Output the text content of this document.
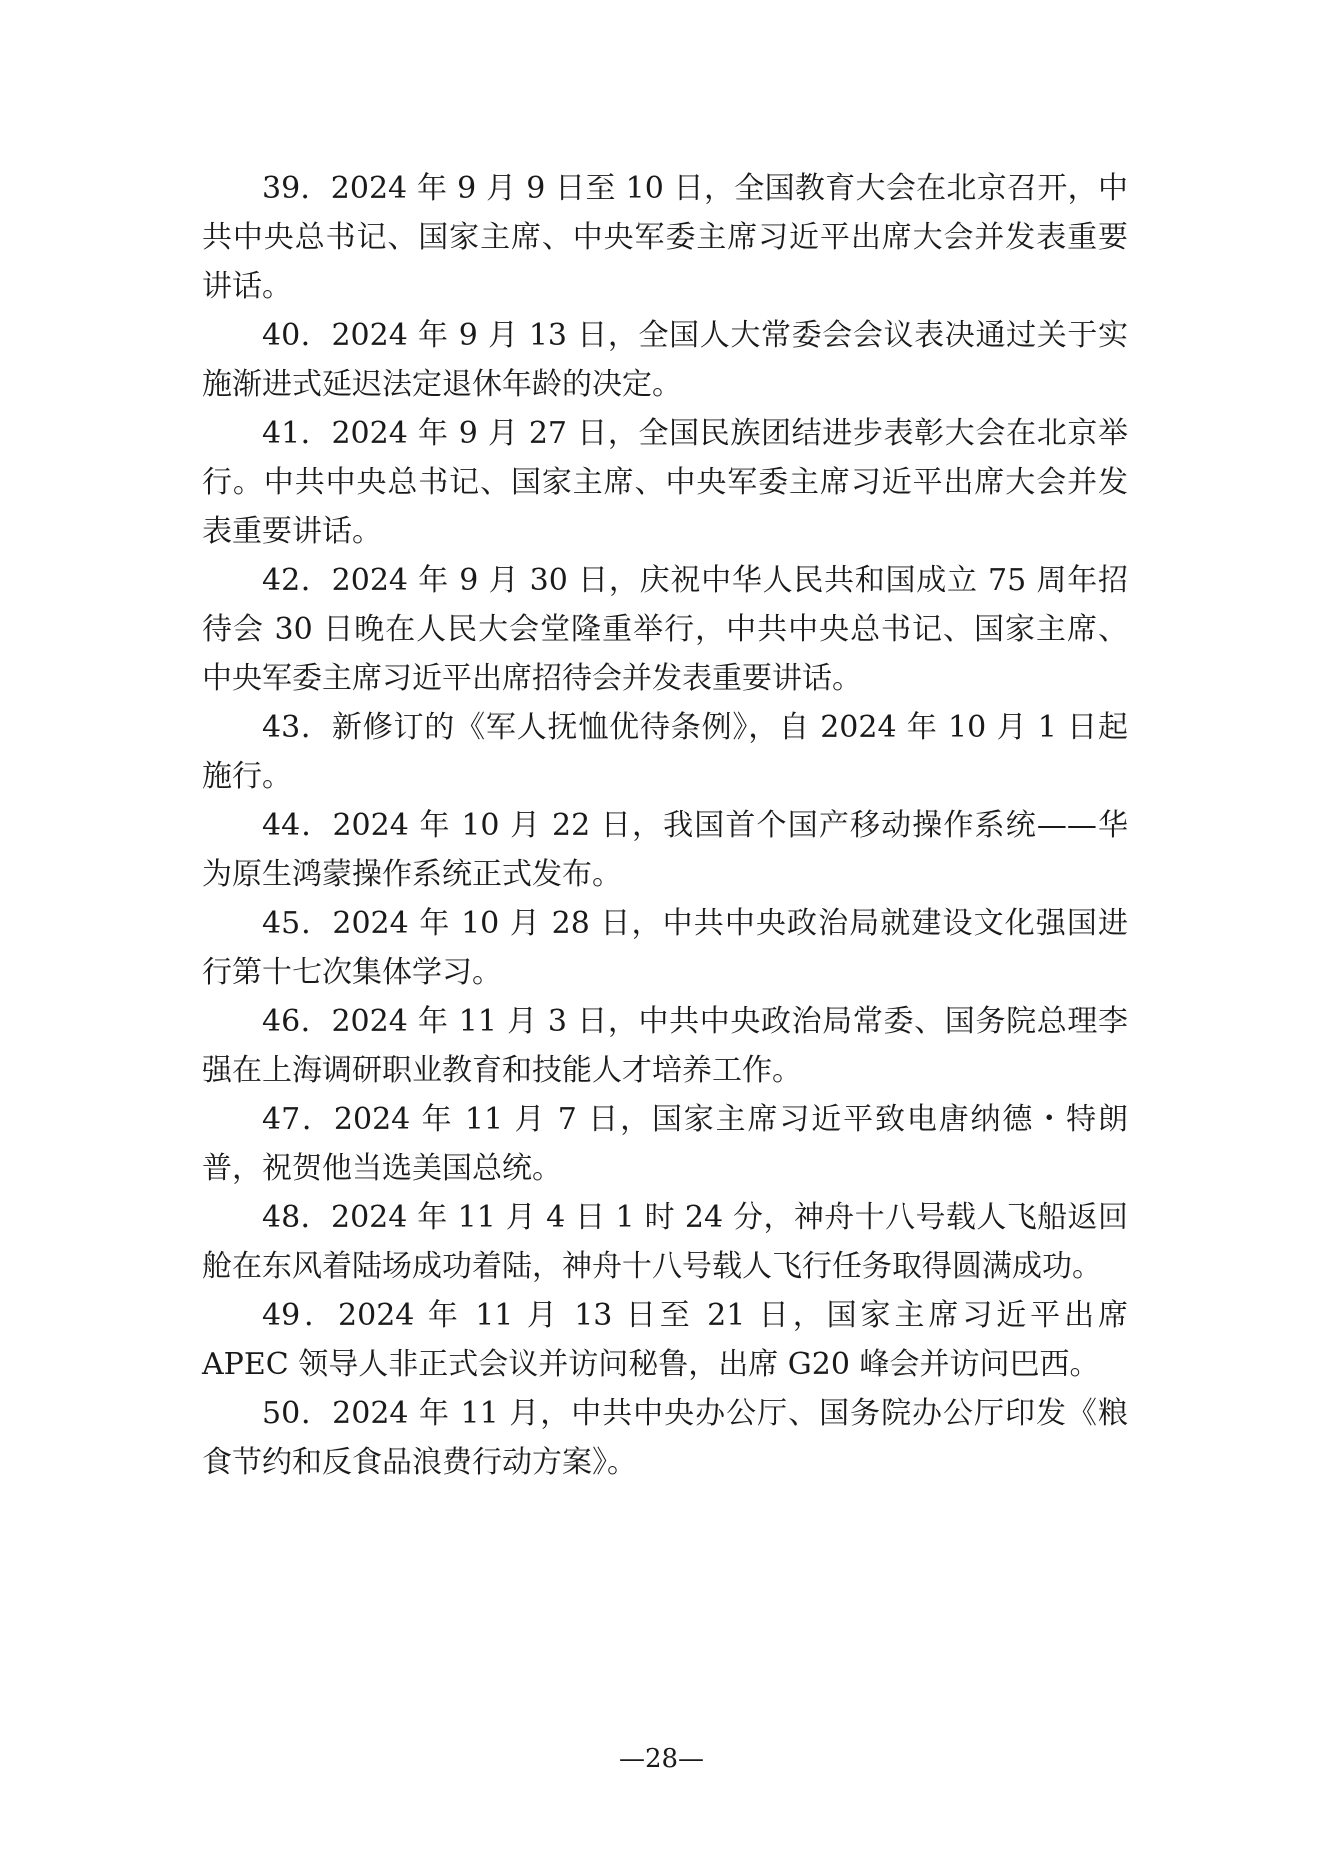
39．2024 年 9 月 9 日至 10 日，全国教育大会在北京召开，中共中央总书记、国家主席、中央军委主席习近平出席大会并发表重要讲话。

40．2024 年 9 月 13 日，全国人大常委会会议表决通过关于实施渐进式延迟法定退休年龄的决定。

41．2024 年 9 月 27 日，全国民族团结进步表彰大会在北京举行。中共中央总书记、国家主席、中央军委主席习近平出席大会并发表重要讲话。

42．2024 年 9 月 30 日，庆祝中华人民共和国成立 75 周年招待会 30 日晚在人民大会堂隆重举行，中共中央总书记、国家主席、中央军委主席习近平出席招待会并发表重要讲话。

43．新修订的《军人抚恤优待条例》，自 2024 年 10 月 1 日起施行。

44．2024 年 10 月 22 日，我国首个国产移动操作系统——华为原生鸿蒙操作系统正式发布。

45．2024 年 10 月 28 日，中共中央政治局就建设文化强国进行第十七次集体学习。

46．2024 年 11 月 3 日，中共中央政治局常委、国务院总理李强在上海调研职业教育和技能人才培养工作。

47．2024 年 11 月 7 日，国家主席习近平致电唐纳德・特朗普，祝贺他当选美国总统。

48．2024 年 11 月 4 日 1 时 24 分，神舟十八号载人飞船返回舱在东风着陆场成功着陆，神舟十八号载人飞行任务取得圆满成功。

49．2024 年 11 月 13 日至 21 日，国家主席习近平出席 APEC 领导人非正式会议并访问秘鲁，出席 G20 峰会并访问巴西。

50．2024 年 11 月，中共中央办公厅、国务院办公厅印发《粮食节约和反食品浪费行动方案》。

—28—
